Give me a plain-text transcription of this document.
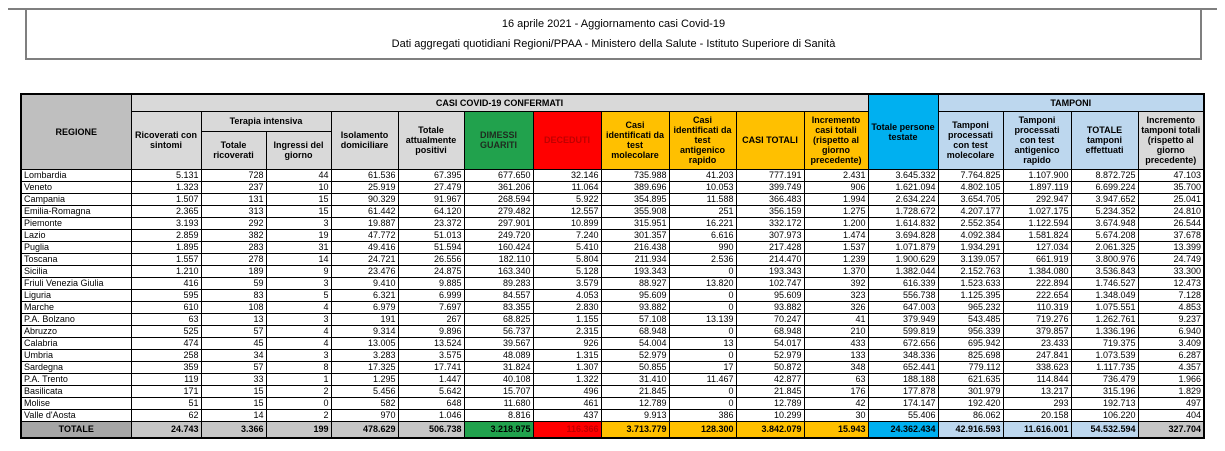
16 aprile 2021 - Aggiornamento casi Covid-19
Dati aggregati quotidiani Regioni/PPAA - Ministero della Salute - Istituto Superiore di Sanità
REGIONE	CASI COVID-19 CONFERMATI											Totale persone testate	TAMPONI			
	Ricoverati con sintomi	Terapia intensiva		Isolamento domiciliare	Totale attualmente positivi	DIMESSI GUARITI	DECEDUTI	Casi identificati da test molecolare	Casi identificati da test antigenico rapido	CASI TOTALI	Incremento casi totali (rispetto al giorno precedente)		Tamponi processati con test molecolare	Tamponi processati con test antigenico rapido	TOTALE tamponi effettuati	Incremento tamponi totali (rispetto al giorno precedente)
		Totale ricoverati	Ingressi del giorno													
Lombardia	5.131	728	44	61.536	67.395	677.650	32.146	735.988	41.203	777.191	2.431	3.645.332	7.764.825	1.107.900	8.872.725	47.103
Veneto	1.323	237	10	25.919	27.479	361.206	11.064	389.696	10.053	399.749	906	1.621.094	4.802.105	1.897.119	6.699.224	35.700
Campania	1.507	131	15	90.329	91.967	268.594	5.922	354.895	11.588	366.483	1.994	2.634.224	3.654.705	292.947	3.947.652	25.041
Emilia-Romagna	2.365	313	15	61.442	64.120	279.482	12.557	355.908	251	356.159	1.275	1.728.672	4.207.177	1.027.175	5.234.352	24.810
Piemonte	3.193	292	3	19.887	23.372	297.901	10.899	315.951	16.221	332.172	1.200	1.614.832	2.552.354	1.122.594	3.674.948	26.544
Lazio	2.859	382	19	47.772	51.013	249.720	7.240	301.357	6.616	307.973	1.474	3.694.828	4.092.384	1.581.824	5.674.208	37.678
Puglia	1.895	283	31	49.416	51.594	160.424	5.410	216.438	990	217.428	1.537	1.071.879	1.934.291	127.034	2.061.325	13.399
Toscana	1.557	278	14	24.721	26.556	182.110	5.804	211.934	2.536	214.470	1.239	1.900.629	3.139.057	661.919	3.800.976	24.749
Sicilia	1.210	189	9	23.476	24.875	163.340	5.128	193.343	0	193.343	1.370	1.382.044	2.152.763	1.384.080	3.536.843	33.300
Friuli Venezia Giulia	416	59	3	9.410	9.885	89.283	3.579	88.927	13.820	102.747	392	616.339	1.523.633	222.894	1.746.527	12.473
Liguria	595	83	5	6.321	6.999	84.557	4.053	95.609	0	95.609	323	556.738	1.125.395	222.654	1.348.049	7.128
Marche	610	108	4	6.979	7.697	83.355	2.830	93.882	0	93.882	326	647.003	965.232	110.319	1.075.551	4.853
P.A. Bolzano	63	13	3	191	267	68.825	1.155	57.108	13.139	70.247	41	379.949	543.485	719.276	1.262.761	9.237
Abruzzo	525	57	4	9.314	9.896	56.737	2.315	68.948	0	68.948	210	599.819	956.339	379.857	1.336.196	6.940
Calabria	474	45	4	13.005	13.524	39.567	926	54.004	13	54.017	433	672.656	695.942	23.433	719.375	3.409
Umbria	258	34	3	3.283	3.575	48.089	1.315	52.979	0	52.979	133	348.336	825.698	247.841	1.073.539	6.287
Sardegna	359	57	8	17.325	17.741	31.824	1.307	50.855	17	50.872	348	652.441	779.112	338.623	1.117.735	4.357
P.A. Trento	119	33	1	1.295	1.447	40.108	1.322	31.410	11.467	42.877	63	188.188	621.635	114.844	736.479	1.966
Basilicata	171	15	2	5.456	5.642	15.707	496	21.845	0	21.845	176	177.878	301.979	13.217	315.196	1.829
Molise	51	15	0	582	648	11.680	461	12.789	0	12.789	42	174.147	192.420	293	192.713	497
Valle d'Aosta	62	14	2	970	1.046	8.816	437	9.913	386	10.299	30	55.406	86.062	20.158	106.220	404
TOTALE	24.743	3.366	199	478.629	506.738	3.218.975	116.366	3.713.779	128.300	3.842.079	15.943	24.362.434	42.916.593	11.616.001	54.532.594	327.704
